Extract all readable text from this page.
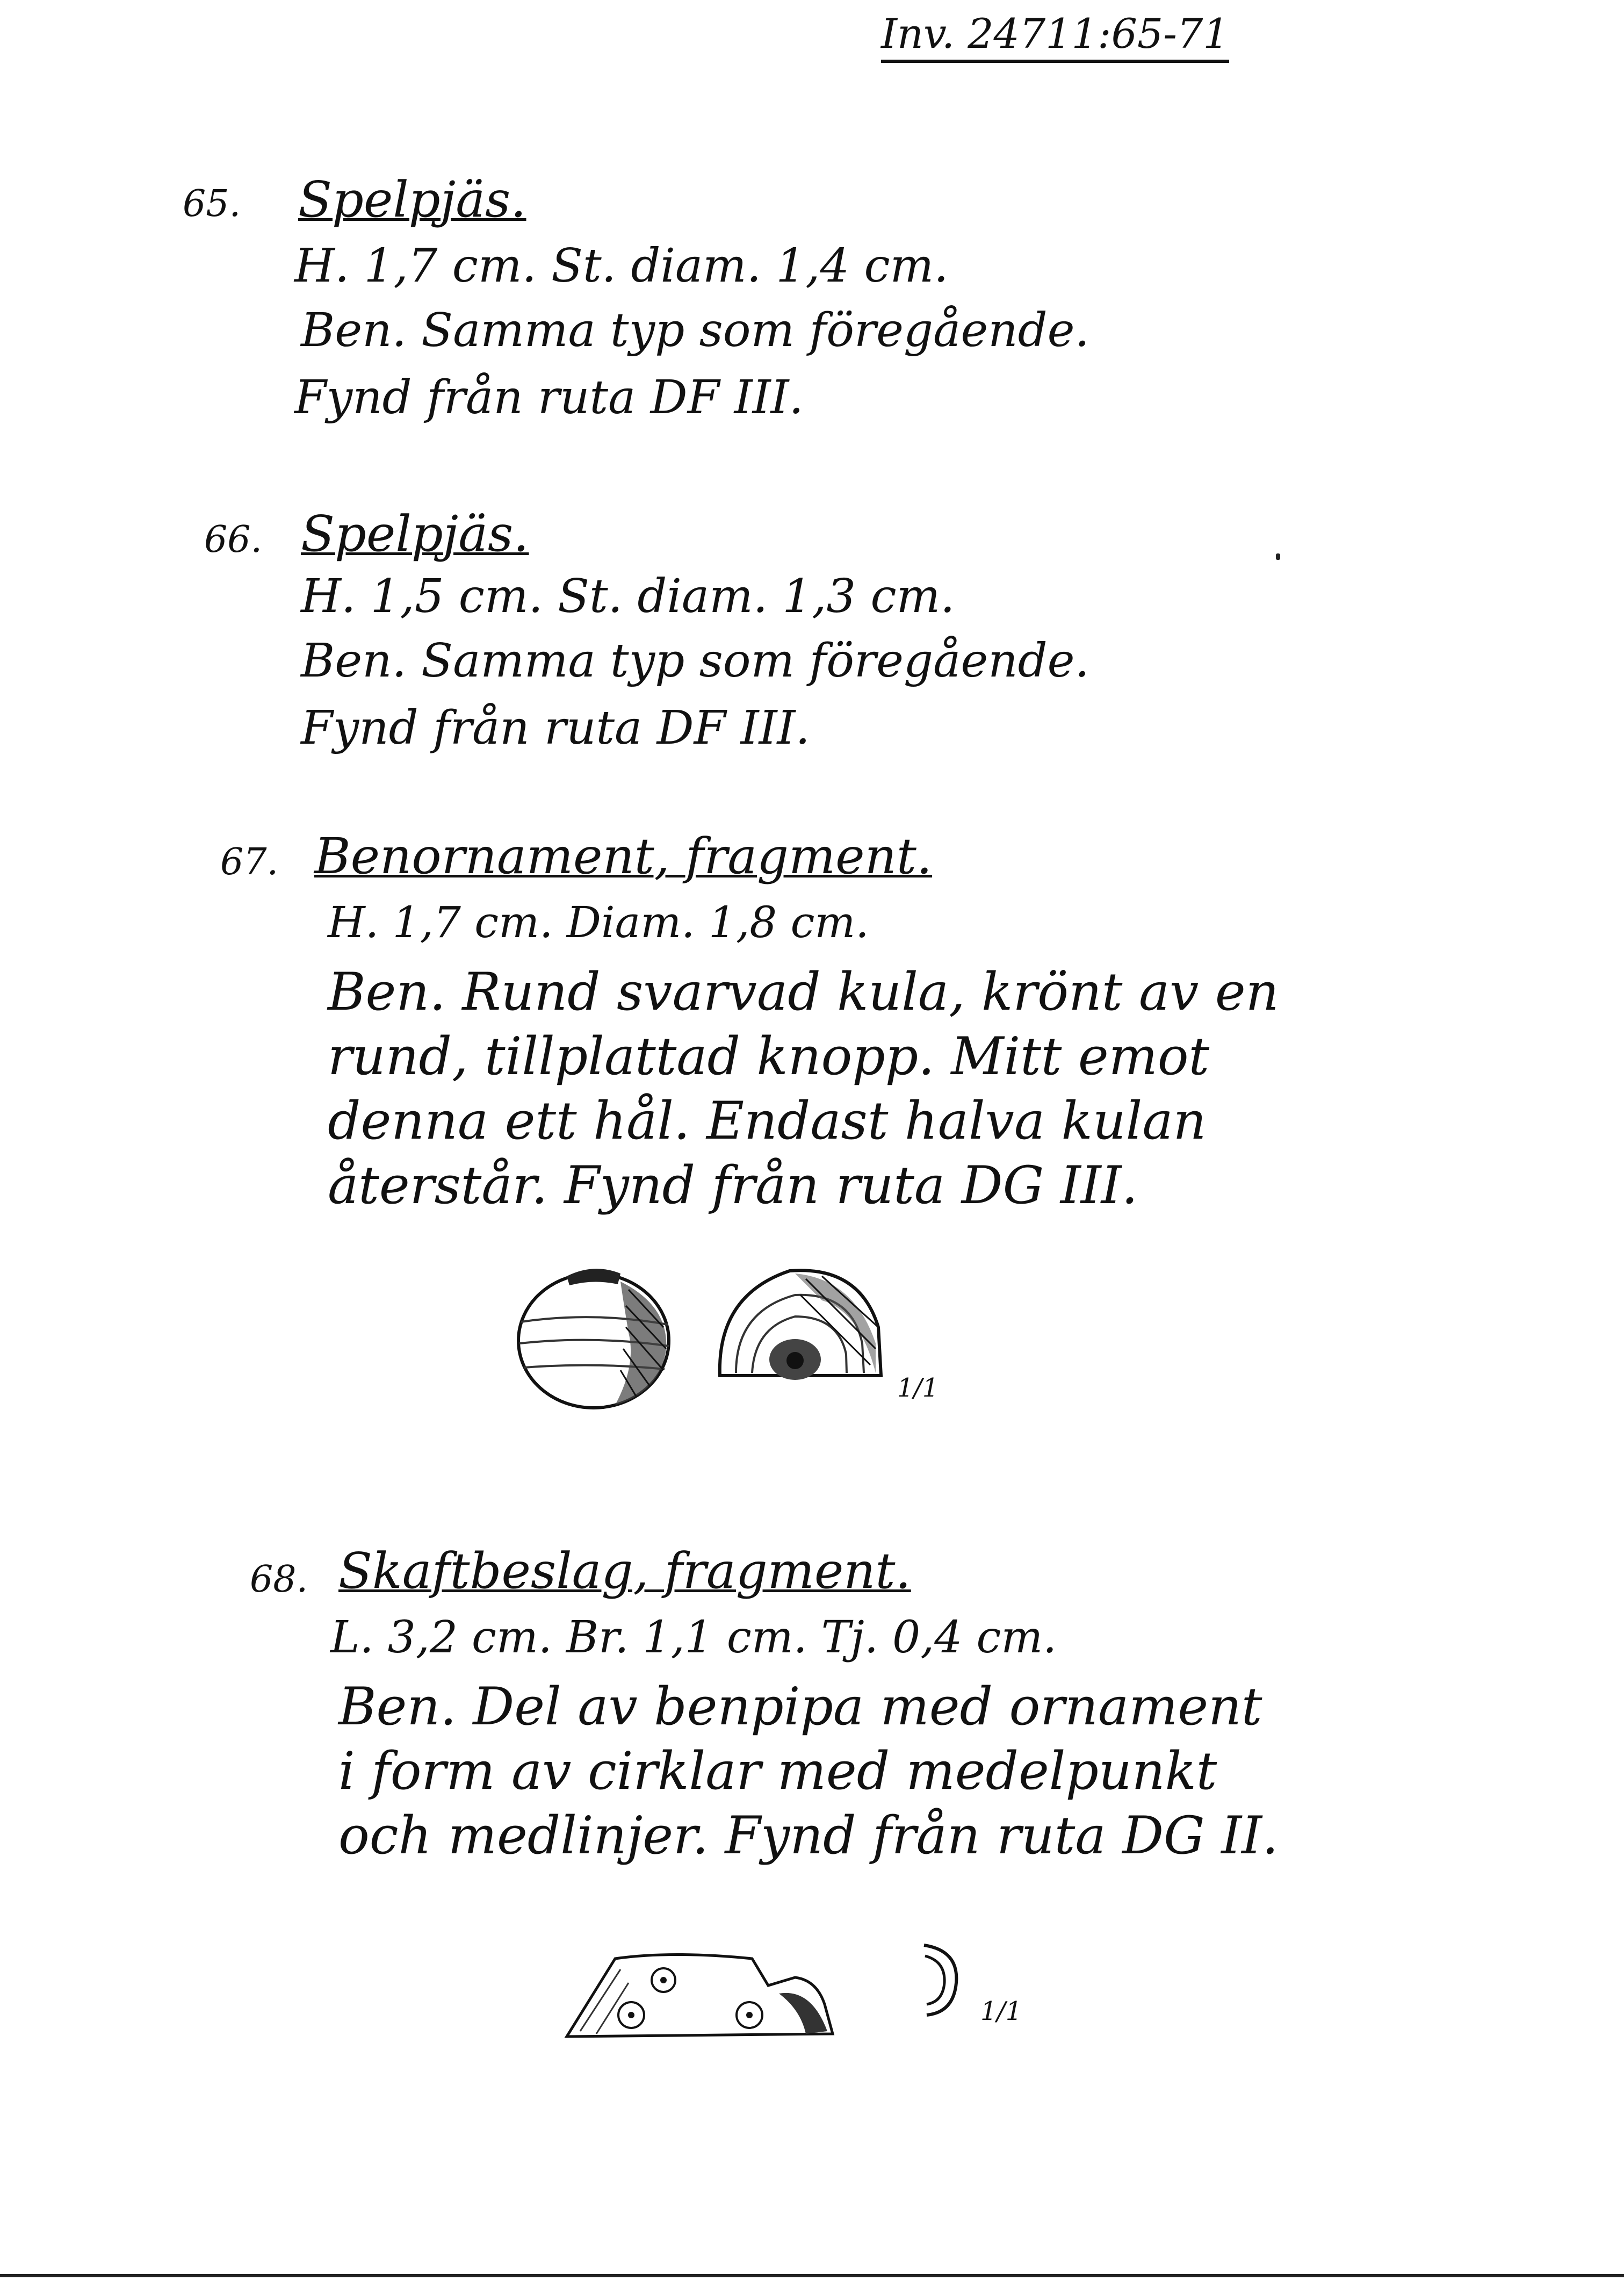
Inv. 24711:65-71
65. Spelpjäs.
H. 1,7 cm. St. diam. 1,4 cm.
Ben. Samma typ som föregående.
Fynd från ruta DF III.
66. Spelpjäs.
H. 1,5 cm. St. diam. 1,3 cm.
Ben. Samma typ som föregående.
Fynd från ruta DF III.
67. Benornament, fragment.
H. 1,7 cm. Diam. 1,8 cm.
Ben. Rund svarvad kula, krönt av en
rund, tillplattad knopp. Mitt emot
denna ett hål. Endast halva kulan
återstår. Fynd från ruta DG III.
1/1
68. Skaftbeslag, fragment.
L. 3,2 cm. Br. 1,1 cm. Tj. 0,4 cm.
Ben. Del av benpipa med ornament
i form av cirklar med medelpunkt
och medlinjer. Fynd från ruta DG II.
1/1
